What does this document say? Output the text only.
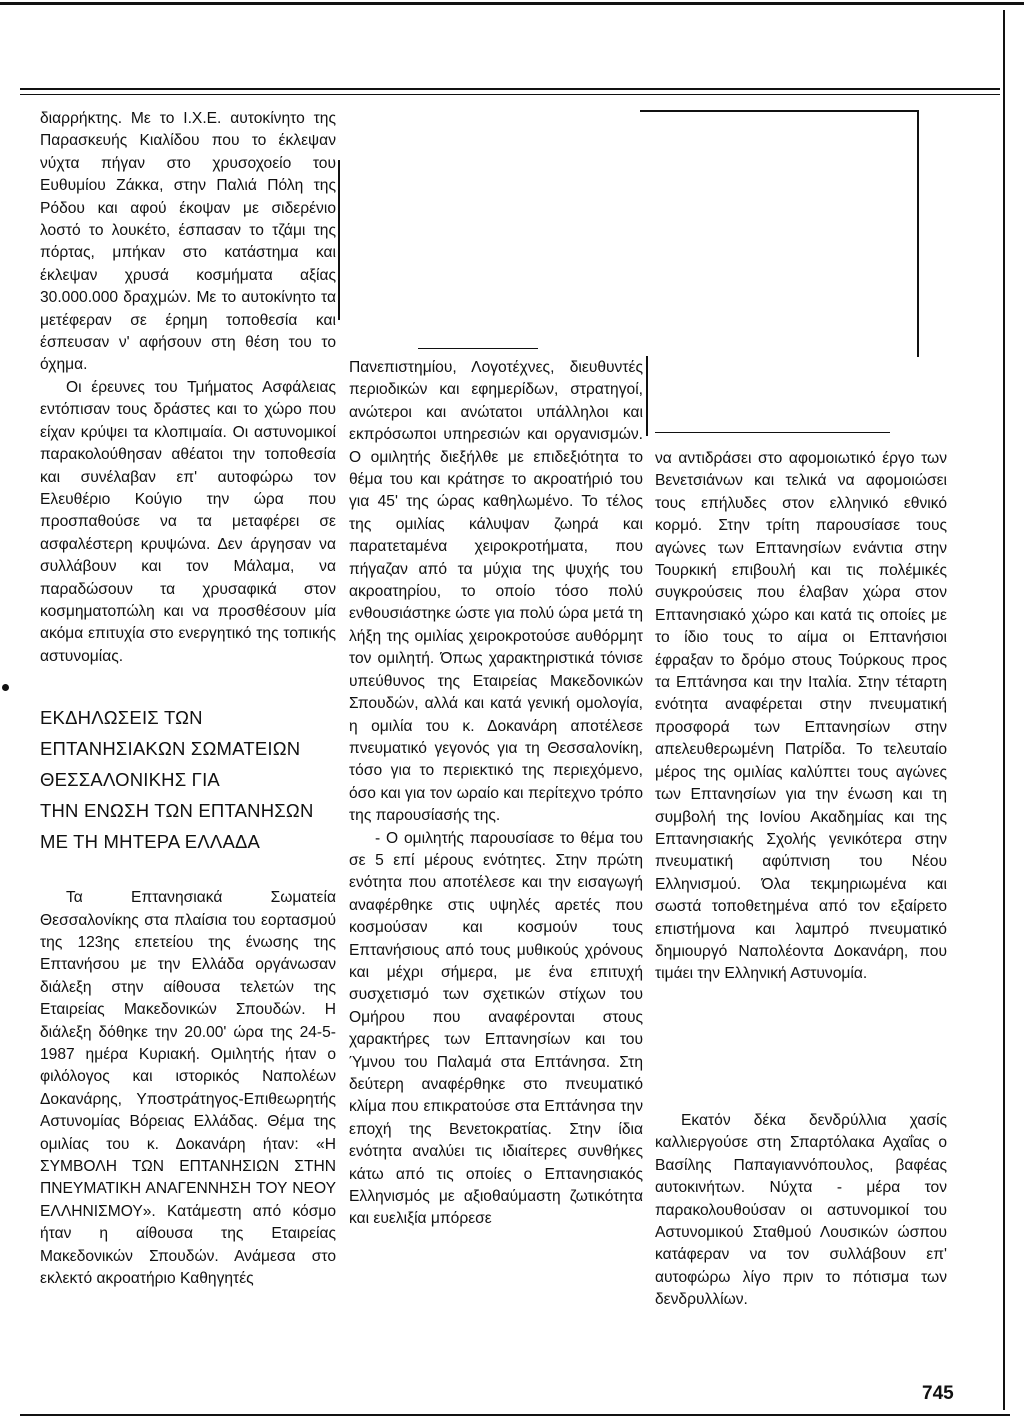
διαρρήκτης. Με το Ι.Χ.Ε. αυτοκίνητο της Παρασκευής Κιαλίδου που το έκλεψαν νύχτα πήγαν στο χρυσοχοείο του Ευθυμίου Ζάκκα, στην Παλιά Πόλη της Ρόδου και αφού έκοψαν με σιδερένιο λοστό το λουκέτο, έσπασαν το τζάμι της πόρτας, μπήκαν στο κατάστημα και έκλεψαν χρυσά κοσμήματα αξίας 30.000.000 δραχμών. Με το αυτοκίνητο τα μετέφεραν σε έρημη τοποθεσία και έσπευσαν ν' αφήσουν στη θέση του το όχημα.

Οι έρευνες του Τμήματος Ασφάλειας εντόπισαν τους δράστες και το χώρο που είχαν κρύψει τα κλοπιμαία. Οι αστυνομικοί παρακολούθησαν αθέατοι την τοποθεσία και συνέλαβαν επ' αυτοφώρω τον Ελευθέριο Κούγιο την ώρα που προσπαθούσε να τα μεταφέρει σε ασφαλέστερη κρυψώνα. Δεν άργησαν να συλλάβουν και τον Μάλαμα, να παραδώσουν τα χρυσαφικά στον κοσμηματοπώλη και να προσθέσουν μία ακόμα επιτυχία στο ενεργητικό της τοπικής αστυνομίας.

ΕΚΔΗΛΩΣΕΙΣ ΤΩΝ
ΕΠΤΑΝΗΣΙΑΚΩΝ ΣΩΜΑΤΕΙΩΝ
ΘΕΣΣΑΛΟΝΙΚΗΣ ΓΙΑ
ΤΗΝ ΕΝΩΣΗ ΤΩΝ ΕΠΤΑΝΗΣΩΝ
ΜΕ ΤΗ ΜΗΤΕΡΑ ΕΛΛΑΔΑ

Τα Επτανησιακά Σωματεία Θεσσαλονίκης στα πλαίσια του εορτασμού της 123ης επετείου της ένωσης της Επτανήσου με την Ελλάδα οργάνωσαν διάλεξη στην αίθουσα τελετών της Εταιρείας Μακεδονικών Σπουδών. Η διάλεξη δόθηκε την 20.00' ώρα της 24-5-1987 ημέρα Κυριακή. Ομιλητής ήταν ο φιλόλογος και ιστορικός Ναπολέων Δοκανάρης, Υποστράτηγος-Επιθεωρητής Αστυνομίας Βόρειας Ελλάδας. Θέμα της ομιλίας του κ. Δοκανάρη ήταν: «Η ΣΥΜΒΟΛΗ ΤΩΝ ΕΠΤΑΝΗΣΙΩΝ ΣΤΗΝ ΠΝΕΥΜΑΤΙΚΗ ΑΝΑΓΕΝΝΗΣΗ ΤΟΥ ΝΕΟΥ ΕΛΛΗΝΙΣΜΟΥ». Κατάμεστη από κόσμο ήταν η αίθουσα της Εταιρείας Μακεδονικών Σπουδών. Ανάμεσα στο εκλεκτό ακροατήριο Καθηγητές

Πανεπιστημίου, Λογοτέχνες, διευθυντές περιοδικών και εφημερίδων, στρατηγοί, ανώτεροι και ανώτατοι υπάλληλοι και εκπρόσωποι υπηρεσιών και οργανισμών. Ο ομιλητής διεξήλθε με επιδεξιότητα το θέμα του και κράτησε το ακροατήριό του για 45' της ώρας καθηλωμένο. Το τέλος της ομιλίας κάλυψαν ζωηρά και παρατεταμένα χειροκροτήματα, που πήγαζαν από τα μύχια της ψυχής του ακροατηρίου, το οποίο τόσο πολύ ενθουσιάστηκε ώστε για πολύ ώρα μετά τη λήξη της ομιλίας χειροκροτούσε αυθόρμητ τον ομιλητή. Όπως χαρακτηριστικά τόνισε υπεύθυνος της Εταιρείας Μακεδονικών Σπουδών, αλλά και κατά γενική ομολογία, η ομιλία του κ. Δοκανάρη αποτέλεσε πνευματικό γεγονός για τη Θεσσαλονίκη, τόσο για το περιεκτικό της περιεχόμενο, όσο και για τον ωραίο και περίτεχνο τρόπο της παρουσίασής της.

- Ο ομιλητής παρουσίασε το θέμα του σε 5 επί μέρους ενότητες. Στην πρώτη ενότητα που αποτέλεσε και την εισαγωγή αναφέρθηκε στις υψηλές αρετές που κοσμούσαν και κοσμούν τους Επτανήσιους από τους μυθικούς χρόνους και μέχρι σήμερα, με ένα επιτυχή συσχετισμό των σχετικών στίχων του Ομήρου που αναφέρονται στους χαρακτήρες των Επτανησίων και του Ύμνου του Παλαμά στα Επτάνησα. Στη δεύτερη αναφέρθηκε στο πνευματικό κλίμα που επικρατούσε στα Επτάνησα την εποχή της Βενετοκρατίας. Στην ίδια ενότητα αναλύει τις ιδιαίτερες συνθήκες κάτω από τις οποίες ο Επτανησιακός Ελληνισμός με αξιοθαύμαστη ζωτικότητα και ευελιξία μπόρεσε

να αντιδράσει στο αφομοιωτικό έργο των Βενετσιάνων και τελικά να αφομοιώσει τους επήλυδες στον ελληνικό εθνικό κορμό. Στην τρίτη παρουσίασε τους αγώνες των Επτανησίων ενάντια στην Τουρκική επιβουλή και τις πολέμικές συγκρούσεις που έλαβαν χώρα στον Επτανησιακό χώρο και κατά τις οποίες με το ίδιο τους το αίμα οι Επτανήσιοι έφραξαν το δρόμο στους Τούρκους προς τα Επτάνησα και την Ιταλία. Στην τέταρτη ενότητα αναφέρεται στην πνευματική προσφορά των Επτανησίων στην απελευθερωμένη Πατρίδα. Το τελευταίο μέρος της ομιλίας καλύπτει τους αγώνες των Επτανησίων για την ένωση και τη συμβολή της Ιονίου Ακαδημίας και της Επτανησιακής Σχολής γενικότερα στην πνευματική αφύπνιση του Νέου Ελληνισμού. Όλα τεκμηριωμένα και σωστά τοποθετημένα από τον εξαίρετο επιστήμονα και λαμπρό πνευματικό δημιουργό Ναπολέοντα Δοκανάρη, που τιμάει την Ελληνική Αστυνομία.

Εκατόν δέκα δενδρύλλια χασίς καλλιεργούσε στη Σπαρτόλακα Αχαΐας ο Βασίλης Παπαγιαννόπουλος, βαφέας αυτοκινήτων. Νύχτα - μέρα τον παρακολουθούσαν οι αστυνομικοί του Αστυνομικού Σταθμού Λουσικών ώσπου κατάφεραν να τον συλλάβουν επ' αυτοφώρω λίγο πριν το πότισμα των δενδρυλλίων.

745
